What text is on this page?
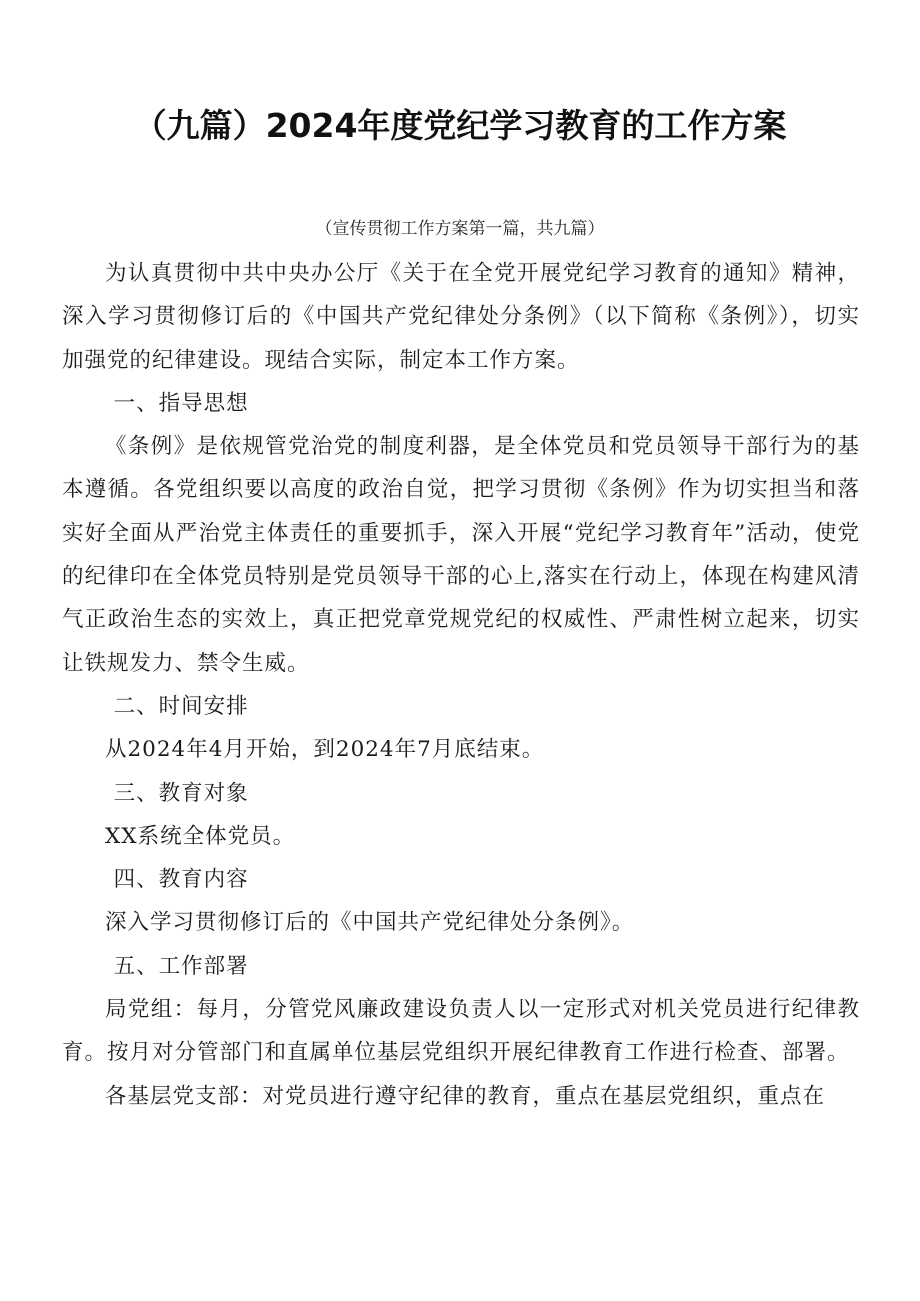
（九篇）2024年度党纪学习教育的工作方案
（宣传贯彻工作方案第一篇，共九篇）

为认真贯彻中共中央办公厅《关于在全党开展党纪学习教育的通知》精神，深入学习贯彻修订后的《中国共产党纪律处分条例》（以下简称《条例》），切实加强党的纪律建设。现结合实际，制定本工作方案。

一、指导思想

《条例》是依规管党治党的制度利器，是全体党员和党员领导干部行为的基本遵循。各党组织要以高度的政治自觉，把学习贯彻《条例》作为切实担当和落实好全面从严治党主体责任的重要抓手，深入开展“党纪学习教育年”活动，使党的纪律印在全体党员特别是党员领导干部的心上,落实在行动上，体现在构建风清气正政治生态的实效上，真正把党章党规党纪的权威性、严肃性树立起来，切实让铁规发力、禁令生威。

二、时间安排

从2024年4月开始，到2024年7月底结束。

三、教育对象

XX系统全体党员。

四、教育内容

深入学习贯彻修订后的《中国共产党纪律处分条例》。

五、工作部署

局党组：每月，分管党风廉政建设负责人以一定形式对机关党员进行纪律教育。按月对分管部门和直属单位基层党组织开展纪律教育工作进行检查、部署。

各基层党支部：对党员进行遵守纪律的教育，重点在基层党组织，重点在
